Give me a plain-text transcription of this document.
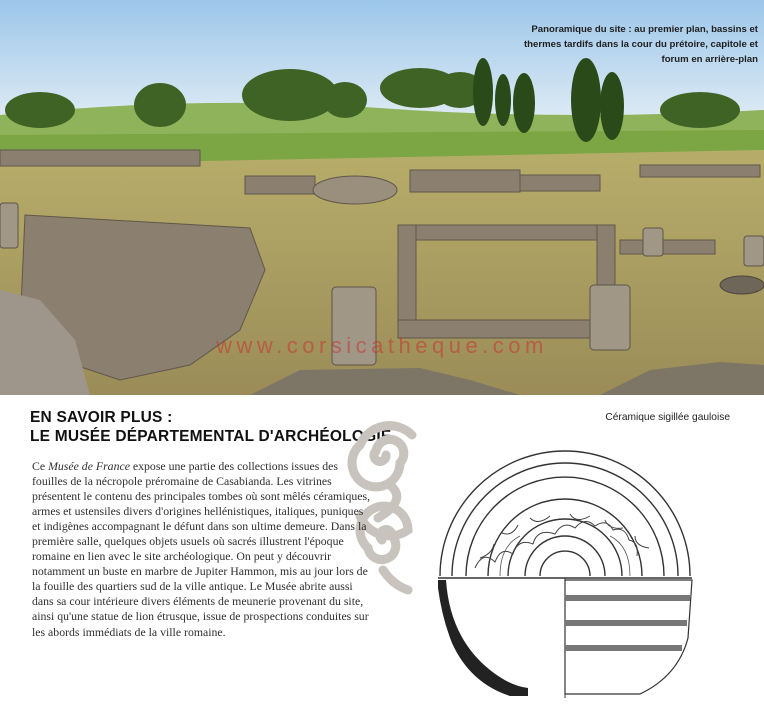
Panoramique du site : au premier plan, bassins et
thermes tardifs dans la cour du prétoire, capitole et
forum en arrière-plan
www.corsicatheque.com
EN SAVOIR PLUS :
LE MUSÉE DÉPARTEMENTAL D'ARCHÉOLOGIE

Ce Musée de France expose une partie des collections issues des fouilles de la nécropole préromaine de Casabianda. Les vitrines présentent le contenu des principales tombes où sont mêlés céramiques, armes et ustensiles divers d'origines hellénistiques, italiques, puniques et indigènes accompagnant le défunt dans son ultime demeure. Dans la première salle, quelques objets usuels où sacrés illustrent l'époque romaine en lien avec le site archéologique. On peut y découvrir notamment un buste en marbre de Jupiter Hammon, mis au jour lors de la fouille des quartiers sud de la ville antique. Le Musée abrite aussi dans sa cour intérieure divers éléments de meunerie provenant du site, ainsi qu'une statue de lion étrusque, issue de prospections conduites sur les abords immédiats de la ville romaine.

Céramique sigillée gauloise
